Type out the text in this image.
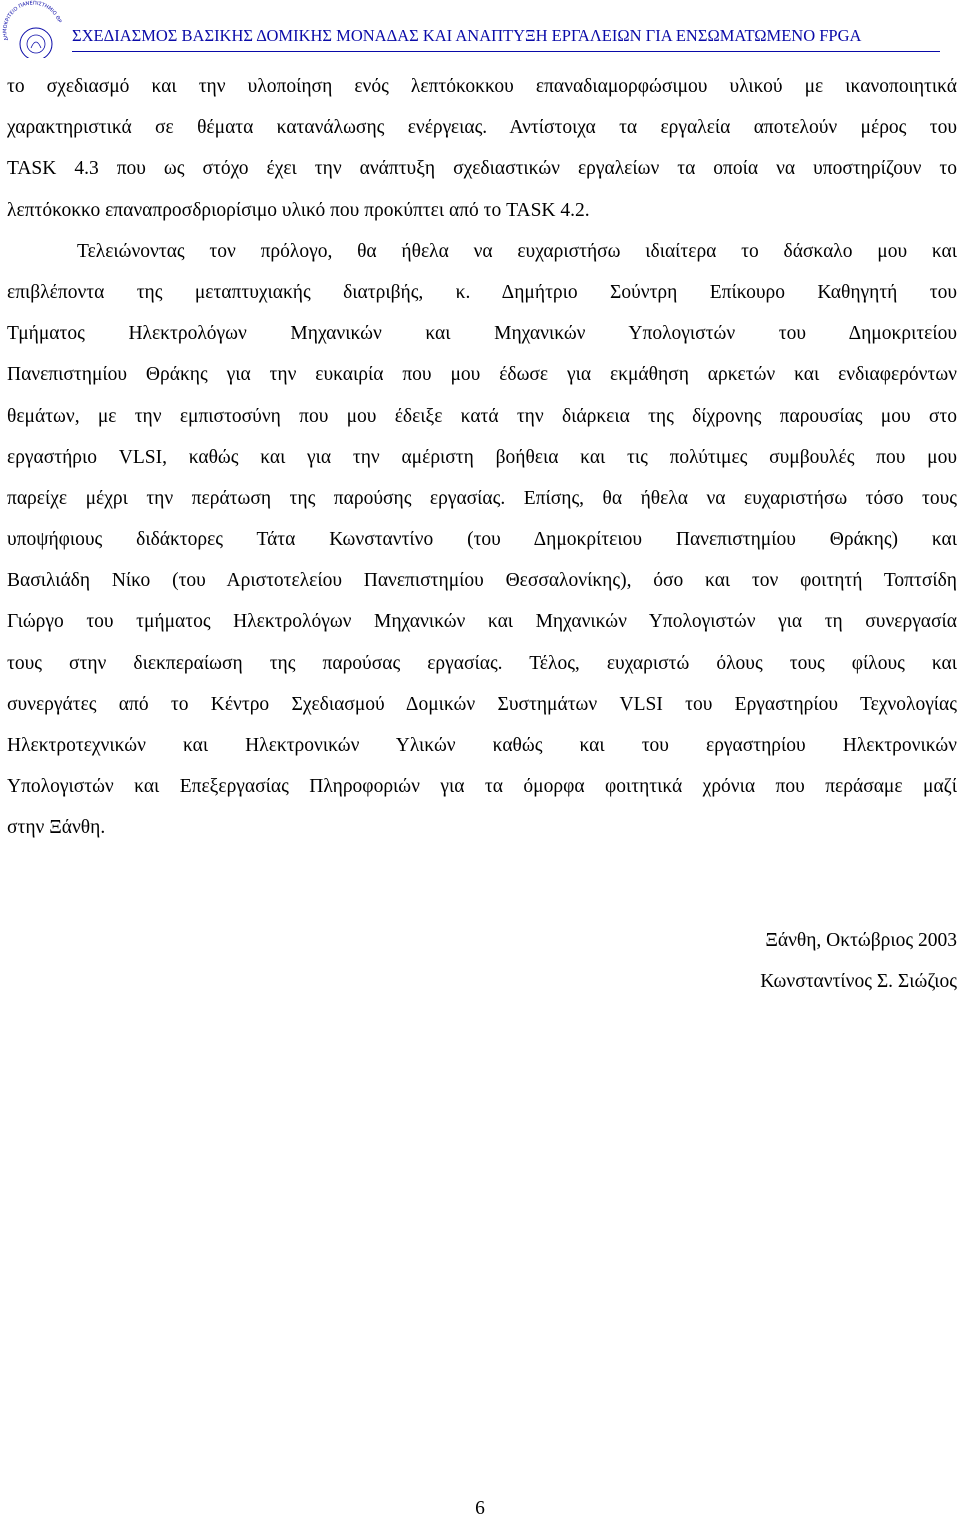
ΔΗΜΟΚΡΙΤΕΙΟ ΠΑΝΕΠΙΣΤΗΜΙΟ ΘΡ
ΣΧΕΔΙΑΣΜΟΣ ΒΑΣΙΚΗΣ ΔΟΜΙΚΗΣ ΜΟΝΑΔΑΣ ΚΑΙ ΑΝΑΠΤΥΞΗ ΕΡΓΑΛΕΙΩΝ ΓΙΑ ΕΝΣΩΜΑΤΩΜΕΝΟ FPGA
το σχεδιασμό και την υλοποίηση ενός λεπτόκοκκου επαναδιαμορφώσιμου υλικού με ικανοποιητικά
χαρακτηριστικά σε θέματα κατανάλωσης ενέργειας. Αντίστοιχα τα εργαλεία αποτελούν μέρος του
TASK 4.3 που ως στόχο έχει την ανάπτυξη σχεδιαστικών εργαλείων τα οποία να υποστηρίζουν το
λεπτόκοκκο επαναπροσδριορίσιμο υλικό που προκύπτει από το TASK 4.2.
Τελειώνοντας τον πρόλογο, θα ήθελα να ευχαριστήσω ιδιαίτερα το δάσκαλο μου και
επιβλέποντα της μεταπτυχιακής διατριβής, κ. Δημήτριο Σούντρη Επίκουρο Καθηγητή του
Τμήματος Ηλεκτρολόγων Μηχανικών και Μηχανικών Υπολογιστών του Δημοκριτείου
Πανεπιστημίου Θράκης για την ευκαιρία που μου έδωσε για εκμάθηση αρκετών και ενδιαφερόντων
θεμάτων, με την εμπιστοσύνη που μου έδειξε κατά την διάρκεια της δίχρονης παρουσίας μου στο
εργαστήριο VLSI, καθώς και για την αμέριστη βοήθεια και τις πολύτιμες συμβουλές που μου
παρείχε μέχρι την περάτωση της παρούσης εργασίας. Επίσης, θα ήθελα να ευχαριστήσω τόσο τους
υποψήφιους διδάκτορες Τάτα Κωνσταντίνο (του Δημοκρίτειου Πανεπιστημίου Θράκης) και
Βασιλιάδη Νίκο (του Αριστοτελείου Πανεπιστημίου Θεσσαλονίκης), όσο και τον φοιτητή Τοπτσίδη
Γιώργο του τμήματος Ηλεκτρολόγων Μηχανικών και Μηχανικών Υπολογιστών για τη συνεργασία
τους στην διεκπεραίωση της παρούσας εργασίας. Τέλος, ευχαριστώ όλους τους φίλους και
συνεργάτες από το Κέντρο Σχεδιασμού Δομικών Συστημάτων VLSI του Εργαστηρίου Τεχνολογίας
Ηλεκτροτεχνικών και Ηλεκτρονικών Υλικών καθώς και του εργαστηρίου Ηλεκτρονικών
Υπολογιστών και Επεξεργασίας Πληροφοριών για τα όμορφα φοιτητικά χρόνια που περάσαμε μαζί
στην Ξάνθη.
Ξάνθη, Οκτώβριος 2003
Κωνσταντίνος Σ. Σιώζιος
6
